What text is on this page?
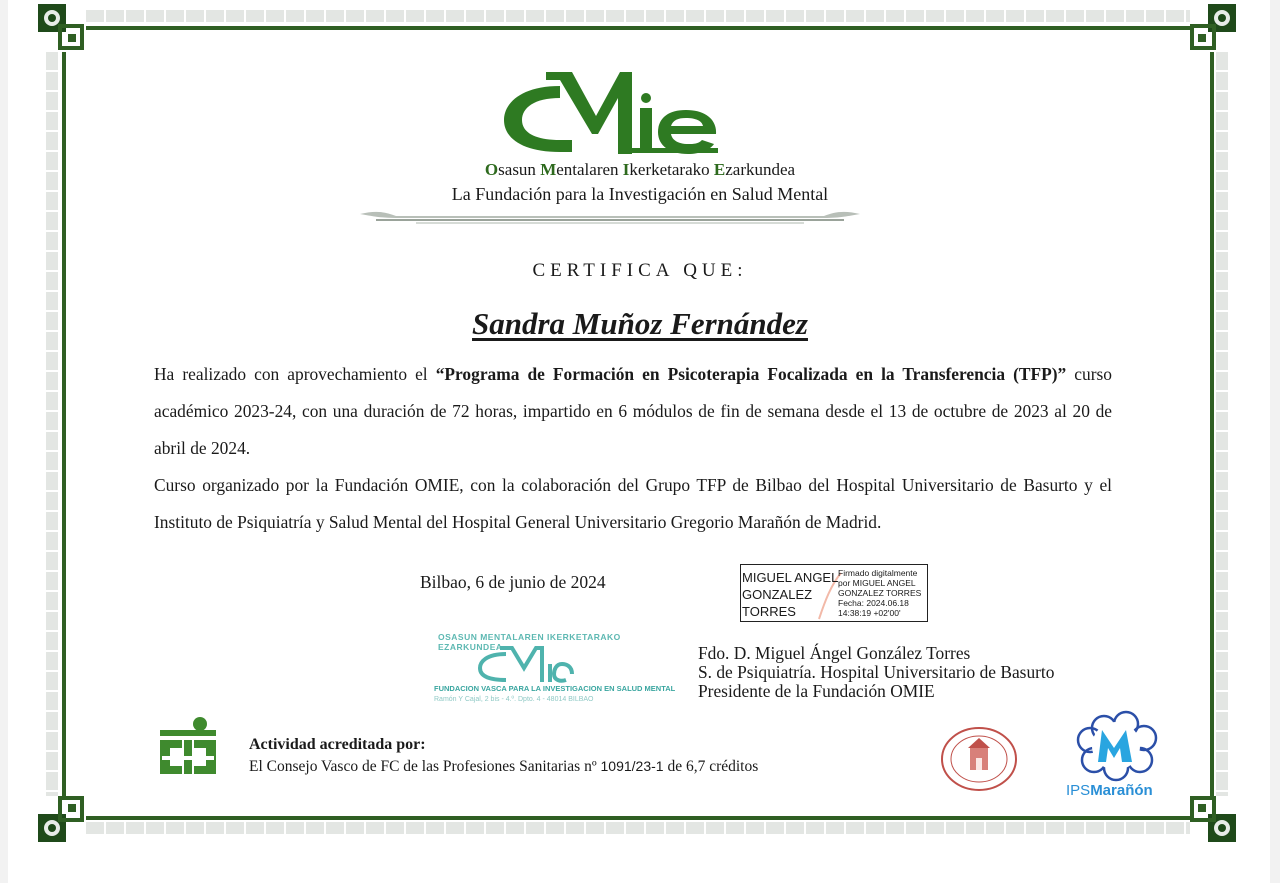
Osasun Mentalaren Ikerketarako Ezarkundea
La Fundación para la Investigación en Salud Mental
CERTIFICA QUE:
Sandra Muñoz Fernández

Ha realizado con aprovechamiento el “Programa de Formación en Psicoterapia Focalizada en la Transferencia (TFP)” curso académico 2023-24, con una duración de 72 horas, impartido en 6 módulos de fin de semana desde el 13 de octubre de 2023 al 20 de abril de 2024.

Curso organizado por la Fundación OMIE, con la colaboración del Grupo TFP de Bilbao del Hospital Universitario de Basurto y el Instituto de Psiquiatría y Salud Mental del Hospital General Universitario Gregorio Marañón de Madrid.

Bilbao, 6 de junio de 2024	MIGUEL ANGEL
GONZALEZ
TORRES
Firmado digitalmente
por MIGUEL ANGEL
GONZALEZ TORRES
Fecha: 2024.06.18
14:38:19 +02'00'
OSASUN MENTALAREN IKERKETARAKO EZARKUNDEA
FUNDACION VASCA PARA LA INVESTIGACION EN SALUD MENTAL
Ramón Y Cajal, 2 bis - 4.º. Dpto. 4 - 48014 BILBAO
Fdo. D. Miguel Ángel González Torres
S. de Psiquiatría. Hospital Universitario de Basurto
Presidente de la Fundación OMIE
Actividad acreditada por:
El Consejo Vasco de FC de las Profesiones Sanitarias nº 1091/23-1 de 6,7 créditos
IPSMarañón
